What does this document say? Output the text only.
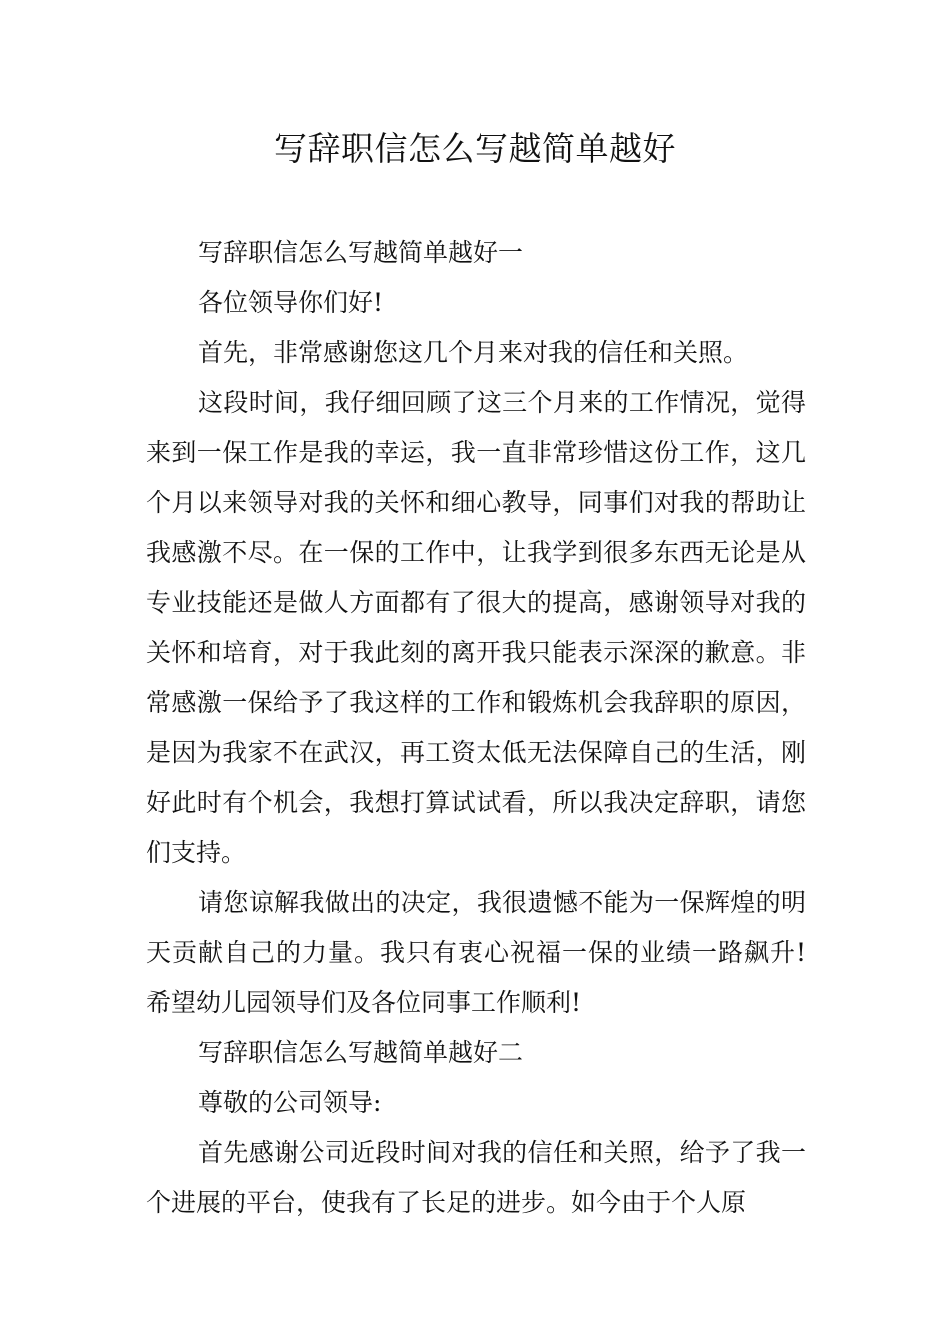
写辞职信怎么写越简单越好

写辞职信怎么写越简单越好一

各位领导你们好!

首先，非常感谢您这几个月来对我的信任和关照。

这段时间，我仔细回顾了这三个月来的工作情况，觉得来到一保工作是我的幸运，我一直非常珍惜这份工作，这几个月以来领导对我的关怀和细心教导，同事们对我的帮助让我感激不尽。在一保的工作中，让我学到很多东西无论是从专业技能还是做人方面都有了很大的提高，感谢领导对我的关怀和培育，对于我此刻的离开我只能表示深深的歉意。非常感激一保给予了我这样的工作和锻炼机会我辞职的原因，是因为我家不在武汉，再工资太低无法保障自己的生活，刚好此时有个机会，我想打算试试看，所以我决定辞职，请您们支持。

请您谅解我做出的决定，我很遗憾不能为一保辉煌的明天贡献自己的力量。我只有衷心祝福一保的业绩一路飙升!希望幼儿园领导们及各位同事工作顺利!

写辞职信怎么写越简单越好二

尊敬的公司领导:

首先感谢公司近段时间对我的信任和关照，给予了我一个进展的平台，使我有了长足的进步。如今由于个人原
